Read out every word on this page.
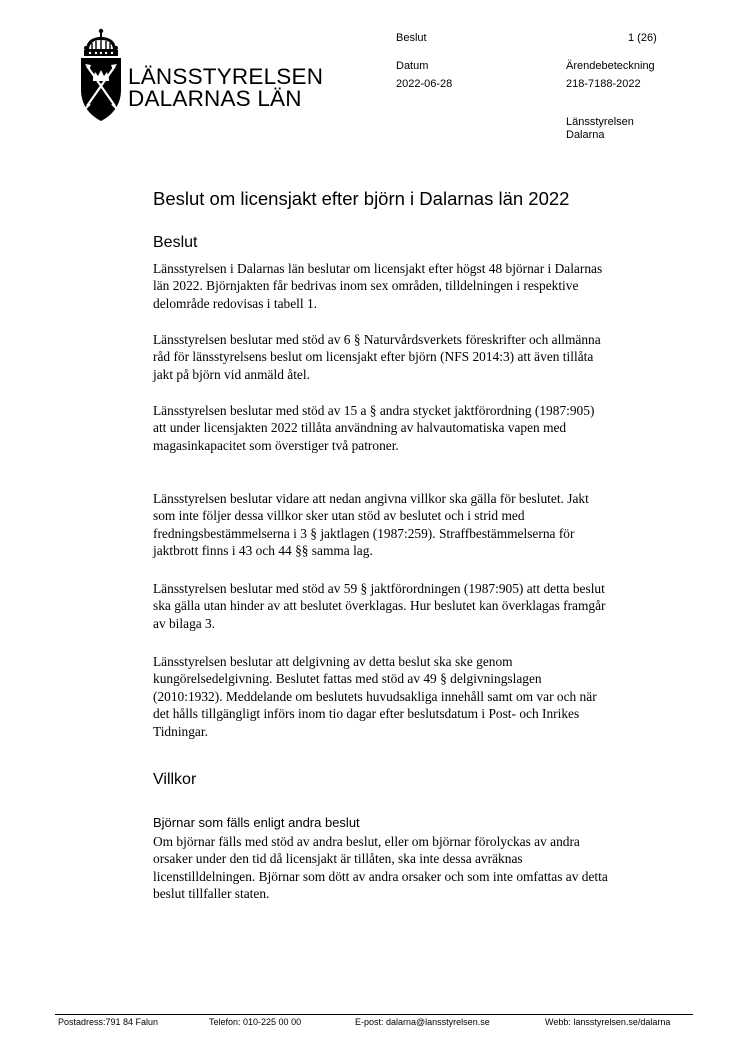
LÄNSSTYRELSEN
DALARNAS LÄN
Beslut	1 (26)
Datum
2022-06-28
Ärendebeteckning
218-7188-2022
Länsstyrelsen
Dalarna
Beslut om licensjakt efter björn i Dalarnas län 2022
Beslut

Länsstyrelsen i Dalarnas län beslutar om licensjakt efter högst 48 björnar i Dalarnas län 2022. Björnjakten får bedrivas inom sex områden, tilldelningen i respektive delområde redovisas i tabell 1.

Länsstyrelsen beslutar med stöd av 6 § Naturvårdsverkets föreskrifter och allmänna råd för länsstyrelsens beslut om licensjakt efter björn (NFS 2014:3) att även tillåta jakt på björn vid anmäld åtel.

Länsstyrelsen beslutar med stöd av 15 a § andra stycket jaktförordning (1987:905) att under licensjakten 2022 tillåta användning av halvautomatiska vapen med magasinkapacitet som överstiger två patroner.

Länsstyrelsen beslutar vidare att nedan angivna villkor ska gälla för beslutet. Jakt som inte följer dessa villkor sker utan stöd av beslutet och i strid med fredningsbestämmelserna i 3 § jaktlagen (1987:259). Straffbestämmelserna för jaktbrott finns i 43 och 44 §§ samma lag.

Länsstyrelsen beslutar med stöd av 59 § jaktförordningen (1987:905) att detta beslut ska gälla utan hinder av att beslutet överklagas. Hur beslutet kan överklagas framgår av bilaga 3.

Länsstyrelsen beslutar att delgivning av detta beslut ska ske genom kungörelsedelgivning. Beslutet fattas med stöd av 49 § delgivningslagen (2010:1932). Meddelande om beslutets huvudsakliga innehåll samt om var och när det hålls tillgängligt införs inom tio dagar efter beslutsdatum i Post- och Inrikes Tidningar.

Villkor
Björnar som fälls enligt andra beslut

Om björnar fälls med stöd av andra beslut, eller om björnar förolyckas av andra orsaker under den tid då licensjakt är tillåten, ska inte dessa avräknas licenstilldelningen. Björnar som dött av andra orsaker och som inte omfattas av detta beslut tillfaller staten.

Postadress:791 84 Falun	Telefon: 010-225 00 00	E-post: dalarna@lansstyrelsen.se	Webb: lansstyrelsen.se/dalarna
